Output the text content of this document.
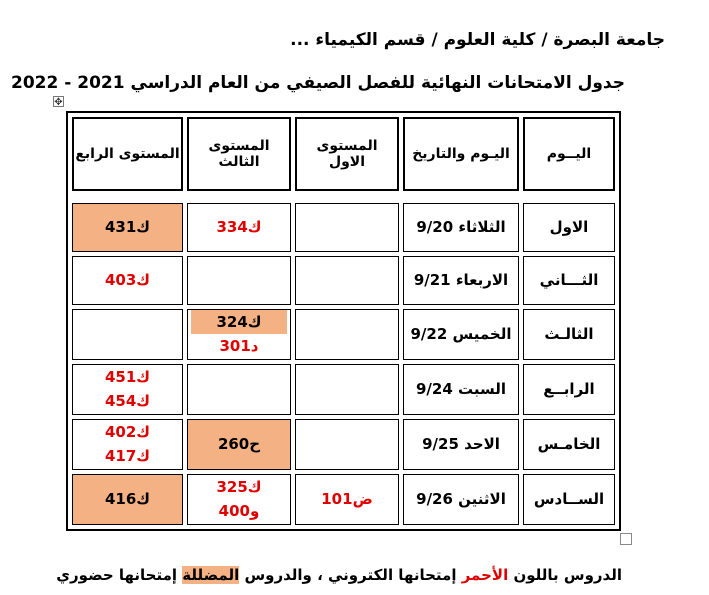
جامعة البصرة / كلية العلوم / قسم الكيمياء ...
جدول الامتحانات النهائية للفصل الصيفي من العام الدراسي 2021 - 2022
✥
اليــوم	اليـوم والتاريخ	المستوى الاول	المستوى الثالث	المستوى الرابع

الاول	الثلاثاء 9/20		ك334	ك431
الثـــاني	الاربعاء 9/21			ك403
الثالـث	الخميس 9/22		ك324
د301	

الرابــع	السبت 9/24			ك451
ك454

الخامـس	الاحد 9/25		ح260	ك402
ك417

الســادس	الاثنين 9/26	ض101	ك325
و400	ك416
الدروس باللون الأحمر إمتحانها الكتروني ، والدروس المضللة إمتحانها حضوري
